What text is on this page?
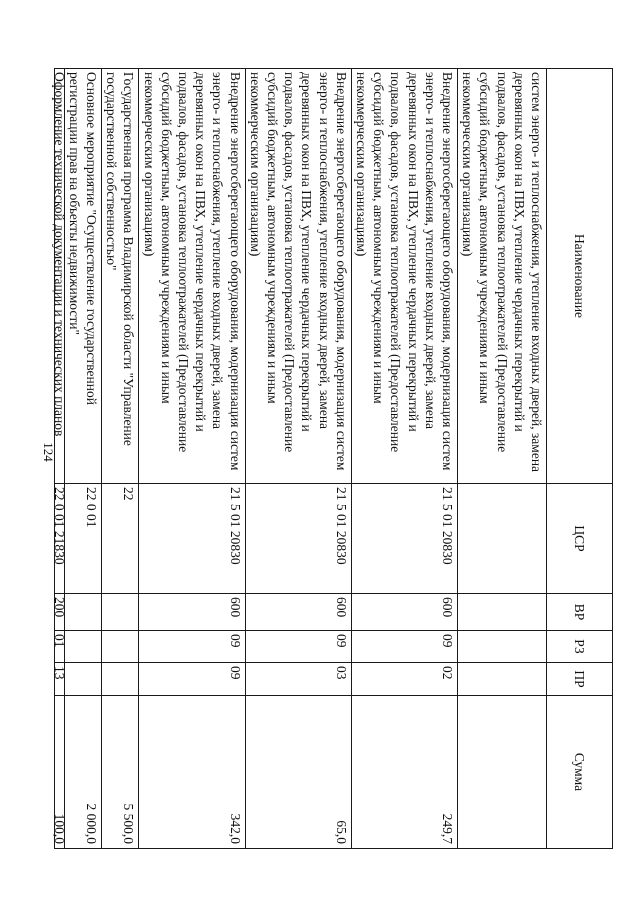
124
Наименование	ЦСР	ВР	РЗ	ПР	Сумма
систем энерго- и теплоснабжения, утепление входных дверей, замена деревянных окон на ПВХ, утепление чердачных перекрытий и подвалов, фасадов, установка теплоотражателей (Предоставление субсидий бюджетным, автономным учреждениям и иным некоммерческим организациям)					
Внедрение энергосберегающего оборудования, модернизация систем энерго- и теплоснабжения, утепление входных дверей, замена деревянных окон на ПВХ, утепление чердачных перекрытий и подвалов, фасадов, установка теплоотражателей (Предоставление субсидий бюджетным, автономным учреждениям и иным некоммерческим организациям)	21 5 01 20830	600	09	02	249,7
Внедрение энергосберегающего оборудования, модернизация систем энерго- и теплоснабжения, утепление входных дверей, замена деревянных окон на ПВХ, утепление чердачных перекрытий и подвалов, фасадов, установка теплоотражателей (Предоставление субсидий бюджетным, автономным учреждениям и иным некоммерческим организациям)	21 5 01 20830	600	09	03	65,0
Внедрение энергосберегающего оборудования, модернизация систем энерго- и теплоснабжения, утепление входных дверей, замена деревянных окон на ПВХ, утепление чердачных перекрытий и подвалов, фасадов, установка теплоотражателей (Предоставление субсидий бюджетным, автономным учреждениям и иным некоммерческим организациям)	21 5 01 20830	600	09	09	342,0
Государственная программа Владимирской области "Управление государственной собственностью"	22				5 500,0
Основное мероприятие "Осуществление государственной регистрации прав на объекты недвижимости"	22 0 01				2 000,0
Оформление технической документации и технических планов	22 0 01 21830	200	01	13	100,0
